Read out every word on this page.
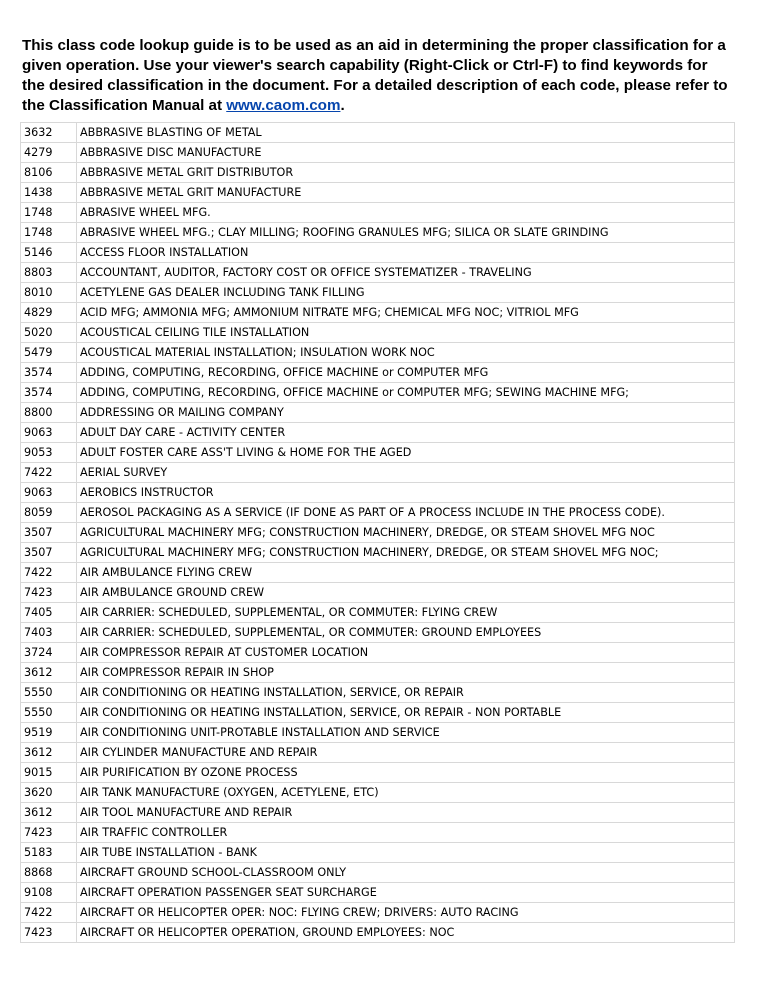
This class code lookup guide is to be used as an aid in determining the proper classification for a given operation. Use your viewer's search capability (Right-Click or Ctrl-F) to find keywords for the desired classification in the document. For a detailed description of each code, please refer to the Classification Manual at www.caom.com.
3632	ABBRASIVE BLASTING OF METAL
4279	ABBRASIVE DISC MANUFACTURE
8106	ABBRASIVE METAL GRIT DISTRIBUTOR
1438	ABBRASIVE METAL GRIT MANUFACTURE
1748	ABRASIVE WHEEL MFG.
1748	ABRASIVE WHEEL MFG.; CLAY MILLING; ROOFING GRANULES MFG; SILICA OR SLATE GRINDING
5146	ACCESS FLOOR INSTALLATION
8803	ACCOUNTANT, AUDITOR, FACTORY COST OR OFFICE SYSTEMATIZER - TRAVELING
8010	ACETYLENE GAS DEALER INCLUDING TANK FILLING
4829	ACID MFG; AMMONIA MFG; AMMONIUM NITRATE MFG; CHEMICAL MFG NOC; VITRIOL MFG
5020	ACOUSTICAL CEILING TILE INSTALLATION
5479	ACOUSTICAL MATERIAL INSTALLATION; INSULATION WORK NOC
3574	ADDING, COMPUTING, RECORDING, OFFICE MACHINE or COMPUTER MFG
3574	ADDING, COMPUTING, RECORDING, OFFICE MACHINE or COMPUTER MFG; SEWING MACHINE MFG;
8800	ADDRESSING OR MAILING COMPANY
9063	ADULT DAY CARE - ACTIVITY CENTER
9053	ADULT FOSTER CARE ASS'T LIVING & HOME FOR THE AGED
7422	AERIAL SURVEY
9063	AEROBICS INSTRUCTOR
8059	AEROSOL PACKAGING AS A SERVICE (IF DONE AS PART OF A PROCESS INCLUDE IN THE PROCESS CODE).
3507	AGRICULTURAL MACHINERY MFG; CONSTRUCTION MACHINERY, DREDGE, OR STEAM SHOVEL MFG NOC
3507	AGRICULTURAL MACHINERY MFG; CONSTRUCTION MACHINERY, DREDGE, OR STEAM SHOVEL MFG NOC;
7422	AIR AMBULANCE FLYING CREW
7423	AIR AMBULANCE GROUND CREW
7405	AIR CARRIER: SCHEDULED, SUPPLEMENTAL, OR COMMUTER: FLYING CREW
7403	AIR CARRIER: SCHEDULED, SUPPLEMENTAL, OR COMMUTER: GROUND EMPLOYEES
3724	AIR COMPRESSOR REPAIR AT CUSTOMER LOCATION
3612	AIR COMPRESSOR REPAIR IN SHOP
5550	AIR CONDITIONING OR HEATING INSTALLATION, SERVICE, OR REPAIR
5550	AIR CONDITIONING OR HEATING INSTALLATION, SERVICE, OR REPAIR - NON PORTABLE
9519	AIR CONDITIONING UNIT-PROTABLE INSTALLATION AND SERVICE
3612	AIR CYLINDER MANUFACTURE AND REPAIR
9015	AIR PURIFICATION BY OZONE PROCESS
3620	AIR TANK MANUFACTURE (OXYGEN, ACETYLENE, ETC)
3612	AIR TOOL MANUFACTURE AND REPAIR
7423	AIR TRAFFIC CONTROLLER
5183	AIR TUBE INSTALLATION - BANK
8868	AIRCRAFT GROUND SCHOOL-CLASSROOM ONLY
9108	AIRCRAFT OPERATION PASSENGER SEAT SURCHARGE
7422	AIRCRAFT OR HELICOPTER OPER: NOC: FLYING CREW; DRIVERS: AUTO RACING
7423	AIRCRAFT OR HELICOPTER OPERATION, GROUND EMPLOYEES: NOC
